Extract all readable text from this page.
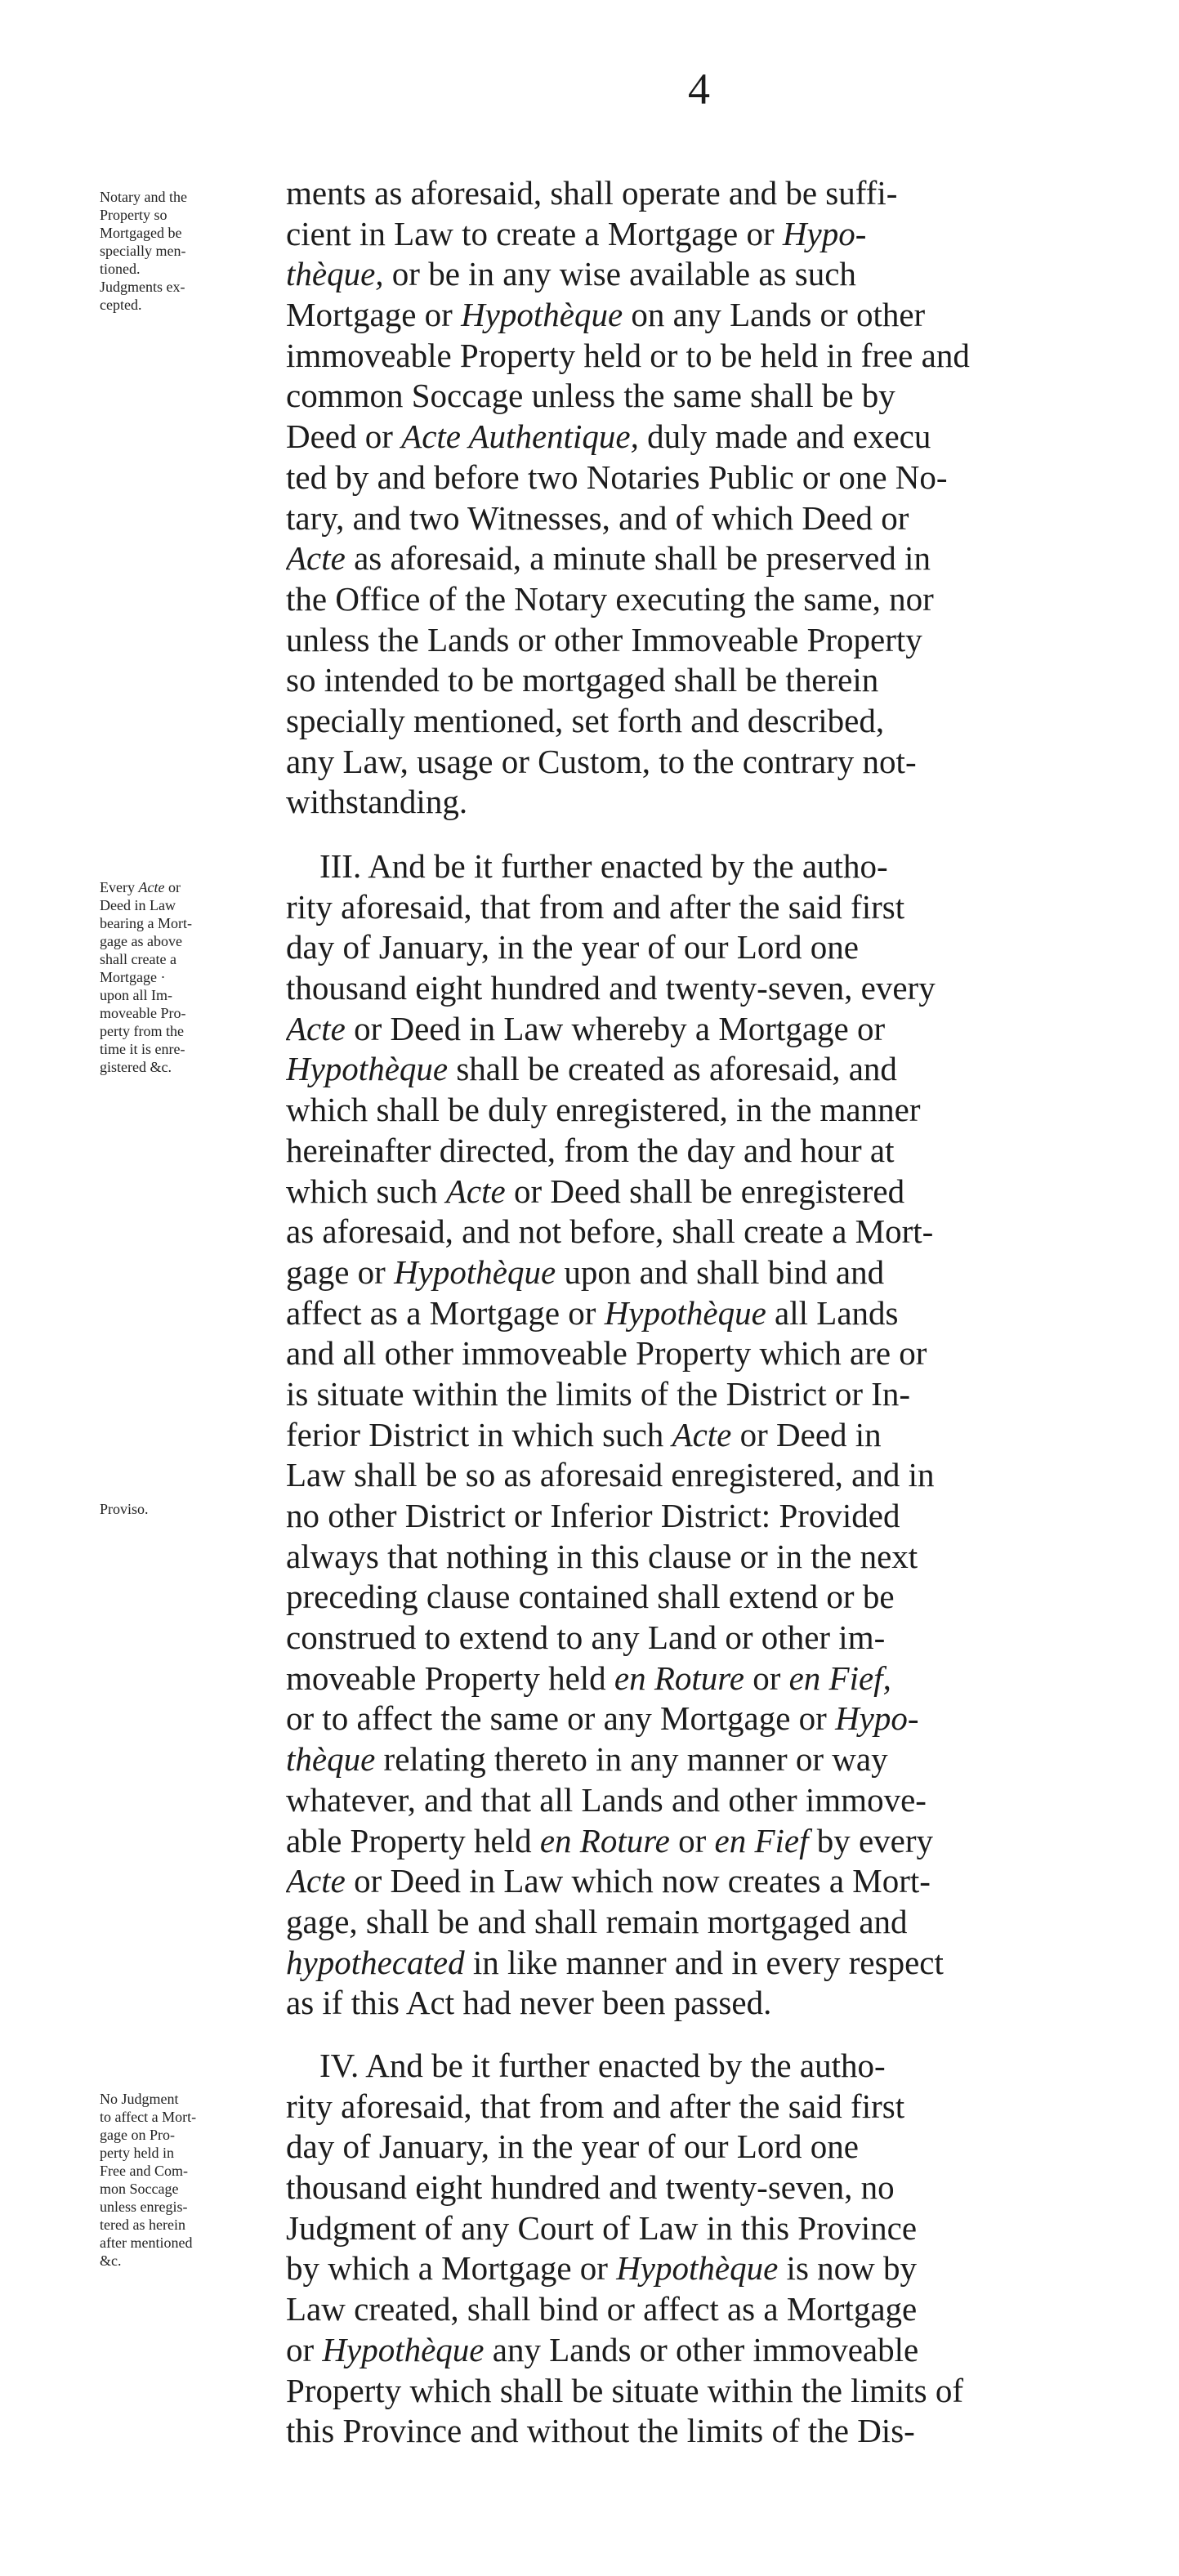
4
Notary and the
Property so
Mortgaged be
specially men-
tioned.
Judgments ex-
cepted.
Every Acte or
Deed in Law
bearing a Mort-
gage as above
shall create a
Mortgage ·
upon all Im-
moveable Pro-
perty from the
time it is enre-
gistered &c.
Proviso.
No Judgment
to affect a Mort-
gage on Pro-
perty held in
Free and Com-
mon Soccage
unless enregis-
tered as herein
after mentioned
&c.
ments as aforesaid, shall operate and be suffi-
cient in Law to create a Mortgage or Hypo-
thèque, or be in any wise available as such
Mortgage or Hypothèque on any Lands or other
immoveable Property held or to be held in free and
common Soccage unless the same shall be by
Deed or Acte Authentique, duly made and execu
ted by and before two Notaries Public or one No-
tary, and two Witnesses, and of which Deed or
Acte as aforesaid, a minute shall be preserved in
the Office of the Notary executing the same, nor
unless the Lands or other Immoveable Property
so intended to be mortgaged shall be therein
specially mentioned, set forth and described,
any Law, usage or Custom, to the contrary not-
withstanding.
III. And be it further enacted by the autho-
rity aforesaid, that from and after the said first
day of January, in the year of our Lord one
thousand eight hundred and twenty-seven, every
Acte or Deed in Law whereby a Mortgage or
Hypothèque shall be created as aforesaid, and
which shall be duly enregistered, in the manner
hereinafter directed, from the day and hour at
which such Acte or Deed shall be enregistered
as aforesaid, and not before, shall create a Mort-
gage or Hypothèque upon and shall bind and
affect as a Mortgage or Hypothèque all Lands
and all other immoveable Property which are or
is situate within the limits of the District or In-
ferior District in which such Acte or Deed in
Law shall be so as aforesaid enregistered, and in
no other District or Inferior District: Provided
always that nothing in this clause or in the next
preceding clause contained shall extend or be
construed to extend to any Land or other im-
moveable Property held en Roture or en Fief,
or to affect the same or any Mortgage or Hypo-
thèque relating thereto in any manner or way
whatever, and that all Lands and other immove-
able Property held en Roture or en Fief by every
Acte or Deed in Law which now creates a Mort-
gage, shall be and shall remain mortgaged and
hypothecated in like manner and in every respect
as if this Act had never been passed.
IV. And be it further enacted by the autho-
rity aforesaid, that from and after the said first
day of January, in the year of our Lord one
thousand eight hundred and twenty-seven, no
Judgment of any Court of Law in this Province
by which a Mortgage or Hypothèque is now by
Law created, shall bind or affect as a Mortgage
or Hypothèque any Lands or other immoveable
Property which shall be situate within the limits of
this Province and without the limits of the Dis-
